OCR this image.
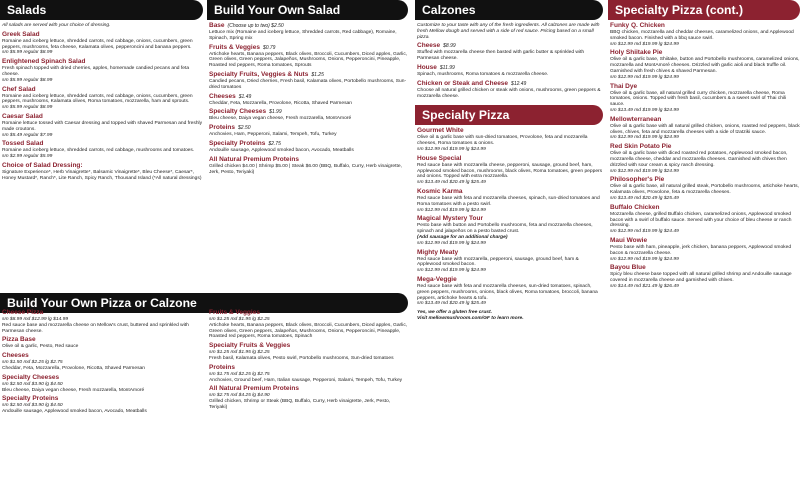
Salads
All salads are served with your choice of dressing.
Greek Salad
Romaine and iceberg lettuce, shredded carrots, red cabbage, onions, cucumbers, green peppers, mushrooms, feta cheese, Kalamata olives, pepperoncini and banana peppers.
sm $5.99 regular $8.99
Enlightened Spinach Salad
Fresh spinach topped with dried cherries, apples, homemade candied pecans and feta cheese.
sm $5.99 regular $8.99
Chef Salad
Romaine and iceberg lettuce, shredded carrots, red cabbage, onions, cucumbers, green peppers, mushrooms, Kalamata olives, Roma tomatoes, mozzarella, ham and sprouts.
sm $5.99 regular $8.99
Caesar Salad
Romaine lettuce tossed with Caesar dressing and topped with shaved Parmesan and freshly made croutons.
sm $5.49 regular $7.99
Tossed Salad
Romaine and iceberg lettuce, shredded carrots, red cabbage, mushrooms and tomatoes.
sm $2.99 regular $5.99
Choice of Salad Dressing:
Signature Experience*, Herb Vinaigrette*, Balsamic Vinaigrette*, Bleu Cheese*, Caesar*, Honey Mustard*, Ranch*, Lite Ranch, Spicy Ranch, Thousand Island (*All natural dressings)
Build Your Own Salad
Base (Choose up to two) $2.50
Lettuce mix (Romaine and iceberg lettuce, Shredded carrots, Red cabbage), Romaine, Spinach, Spring mix
Fruits & Veggies $0.79
Artichoke hearts, Banana peppers, Black olives, Broccoli, Cucumbers, Diced apples, Garlic, Green olives, Green peppers, Jalapeños, Mushrooms, Onions, Pepperoncini, Pineapple, Roasted red peppers, Roma tomatoes, Sprouts
Specialty Fruits, Veggies & Nuts $1.25
Candied pecans, Dried cherries, Fresh basil, Kalamata olives, Portobello mushrooms, Sun-dried tomatoes
Cheeses $1.49
Cheddar, Feta, Mozzarella, Provolone, Ricotta, Shaved Parmesan
Specialty Cheeses $1.99
Bleu cheese, Daiya vegan cheese, Fresh mozzarella, MontAmoré
Proteins $2.50
Anchovies, Ham, Pepperoni, Salami, Tempeh, Tofu, Turkey
Specialty Proteins $2.75
Andouille sausage, Applewood smoked bacon, Avocado, Meatballs
All Natural Premium Proteins
Grilled chicken $4.00 | Shrimp $5.00 | Steak $6.00 (BBQ, Buffalo, Curry, Herb vinaigrette, Jerk, Pesto, Teriyaki)
Build Your Own Pizza or Calzone
Cheese Pizza
sm $8.99 md $12.99 lg $14.99
Red sauce base and mozzarella cheese on Mellow's crust, buttered and sprinkled with Parmesan cheese.
Pizza Base
Olive oil & garlic, Pesto, Red sauce
Cheeses
sm $1.50 md $2.25 lg $2.75
Cheddar, Feta, Mozzarella, Provolone, Ricotta, Shaved Parmesan
Specialty Cheeses
sm $2.50 md $3.90 lg $4.50
Bleu cheese, Daiya vegan cheese, Fresh mozzarella, MontAmoré
Specialty Proteins
sm $2.50 md $3.90 lg $4.50
Andouille sausage, Applewood smoked bacon, Avocado, Meatballs
Fruits & Veggies
sm $1.25 md $1.95 lg $2.25
Artichoke hearts, Banana peppers, Black olives, Broccoli, Cucumbers, Diced apples, Garlic, Green olives, Green peppers, Jalapeños, Mushrooms, Onions, Pepperoncini, Pineapple, Roasted red peppers, Roma tomatoes, Spinach
Specialty Fruits & Veggies
sm $1.25 md $1.95 lg $2.25
Fresh basil, Kalamata olives, Pesto swirl, Portobello mushrooms, Sun-dried tomatoes
Proteins
sm $1.75 md $2.25 lg $2.75
Anchovies, Ground beef, Ham, Italian sausage, Pepperoni, Salami, Tempeh, Tofu, Turkey
All Natural Premium Proteins
sm $2.75 md $4.25 lg $4.90
Grilled chicken, Shrimp or Steak (BBQ, Buffalo, Curry, Herb vinaigrette, Jerk, Pesto, Teriyaki)
Calzones
Customize to your taste with any of the fresh ingredients. All calzones are made with fresh Mellow dough and served with a side of red sauce. Pricing based on a small pizza.
Cheese $8.99
Stuffed with mozzarella cheese then basted with garlic butter & sprinkled with Parmesan cheese.
House $11.99
Spinach, mushrooms, Roma tomatoes & mozzarella cheese.
Chicken or Steak and Cheese $12.49
Choose all natural grilled chicken or steak with onions, mushrooms, green peppers & mozzarella cheese.
Specialty Pizza
Gourmet White
Olive oil & garlic base with sun-dried tomatoes, Provolone, feta and mozzarella cheeses, Roma tomatoes & onions.
sm $12.99 md $19.99 lg $24.99
House Special
Red sauce base with mozzarella cheese, pepperoni, sausage, ground beef, ham, Applewood smoked bacon, mushrooms, black olives, Roma tomatoes, green peppers and onions. Topped with extra mozzarella.
sm $13.49 md $20.49 lg $25.49
Kosmic Karma
Red sauce base with feta and mozzarella cheeses, spinach, sun-dried tomatoes and Roma tomatoes with a pesto swirl.
sm $12.99 md $19.99 lg $24.99
Magical Mystery Tour
Pesto base with button and Portobello mushrooms, feta and mozzarella cheeses, spinach and jalapeños on a pesto basted crust.
(Add sausage for an additional charge)
sm $12.99 md $19.99 lg $24.99
Mighty Meaty
Red sauce base with mozzarella, pepperoni, sausage, ground beef, ham & Applewood smoked bacon.
sm $12.99 md $19.99 lg $24.99
Mega-Veggie
Red sauce base with feta and mozzarella cheeses, sun-dried tomatoes, spinach, green peppers, mushrooms, onions, black olives, Roma tomatoes, broccoli, banana peppers, artichoke hearts & tofu.
sm $13.49 md $20.49 lg $25.49
Yes, we offer a gluten free crust.
Visit mellowmushroom.com/GF to learn more.
Specialty Pizza (cont.)
Funky Q. Chicken
BBQ chicken, mozzarella and cheddar cheeses, caramelized onions, and Applewood smoked bacon. Finished with a bbq sauce swirl.
sm $12.99 md $19.99 lg $24.99
Holy Shiitake Pie
Olive oil & garlic base, Shiitake, button and Portobello mushrooms, caramelized onions, mozzarella and MontAmoré cheeses. Drizzled with garlic aioli and black truffle oil. Garnished with fresh chives & shaved Parmesan.
sm $12.99 md $19.99 lg $24.99
Thai Dye
Olive oil & garlic base, all natural grilled curry chicken, mozzarella cheese, Roma tomatoes, onions. Topped with fresh basil, cucumbers & a sweet swirl of Thai chili sauce.
sm $13.49 md $19.99 lg $24.99
Mellowterranean
Olive oil & garlic base with all natural grilled chicken, onions, roasted red peppers, black olives, chives, feta and mozzarella cheeses with a side of tzatziki sauce.
sm $12.99 md $19.99 lg $24.99
Red Skin Potato Pie
Olive oil & garlic base with diced roasted red potatoes, Applewood smoked bacon, mozzarella cheese, cheddar and mozzarella cheeses. Garnished with chives then drizzled with sour cream & spicy ranch dressing.
sm $12.99 md $19.99 lg $24.99
Philosopher's Pie
Olive oil & garlic base, all natural grilled steak, Portobello mushrooms, artichoke hearts, Kalamata olives, Provolone, feta & mozzarella cheeses.
sm $13.49 md $20.49 lg $25.49
Buffalo Chicken
Mozzarella cheese, grilled Buffalo chicken, caramelized onions, Applewood smoked bacon with a swirl of buffalo sauce. Served with your choice of bleu cheese or ranch dressing.
sm $12.99 md $19.99 lg $24.49
Maui Wowie
Pesto base with ham, pineapple, jerk chicken, banana peppers, Applewood smoked bacon & mozzarella cheese.
sm $12.99 md $19.99 lg $24.99
Bayou Blue
Spicy bleu cheese base topped with all natural grilled shrimp and Andouille sausage covered in mozzarella cheese and garnished with chives.
sm $14.49 md $21.49 lg $26.49
